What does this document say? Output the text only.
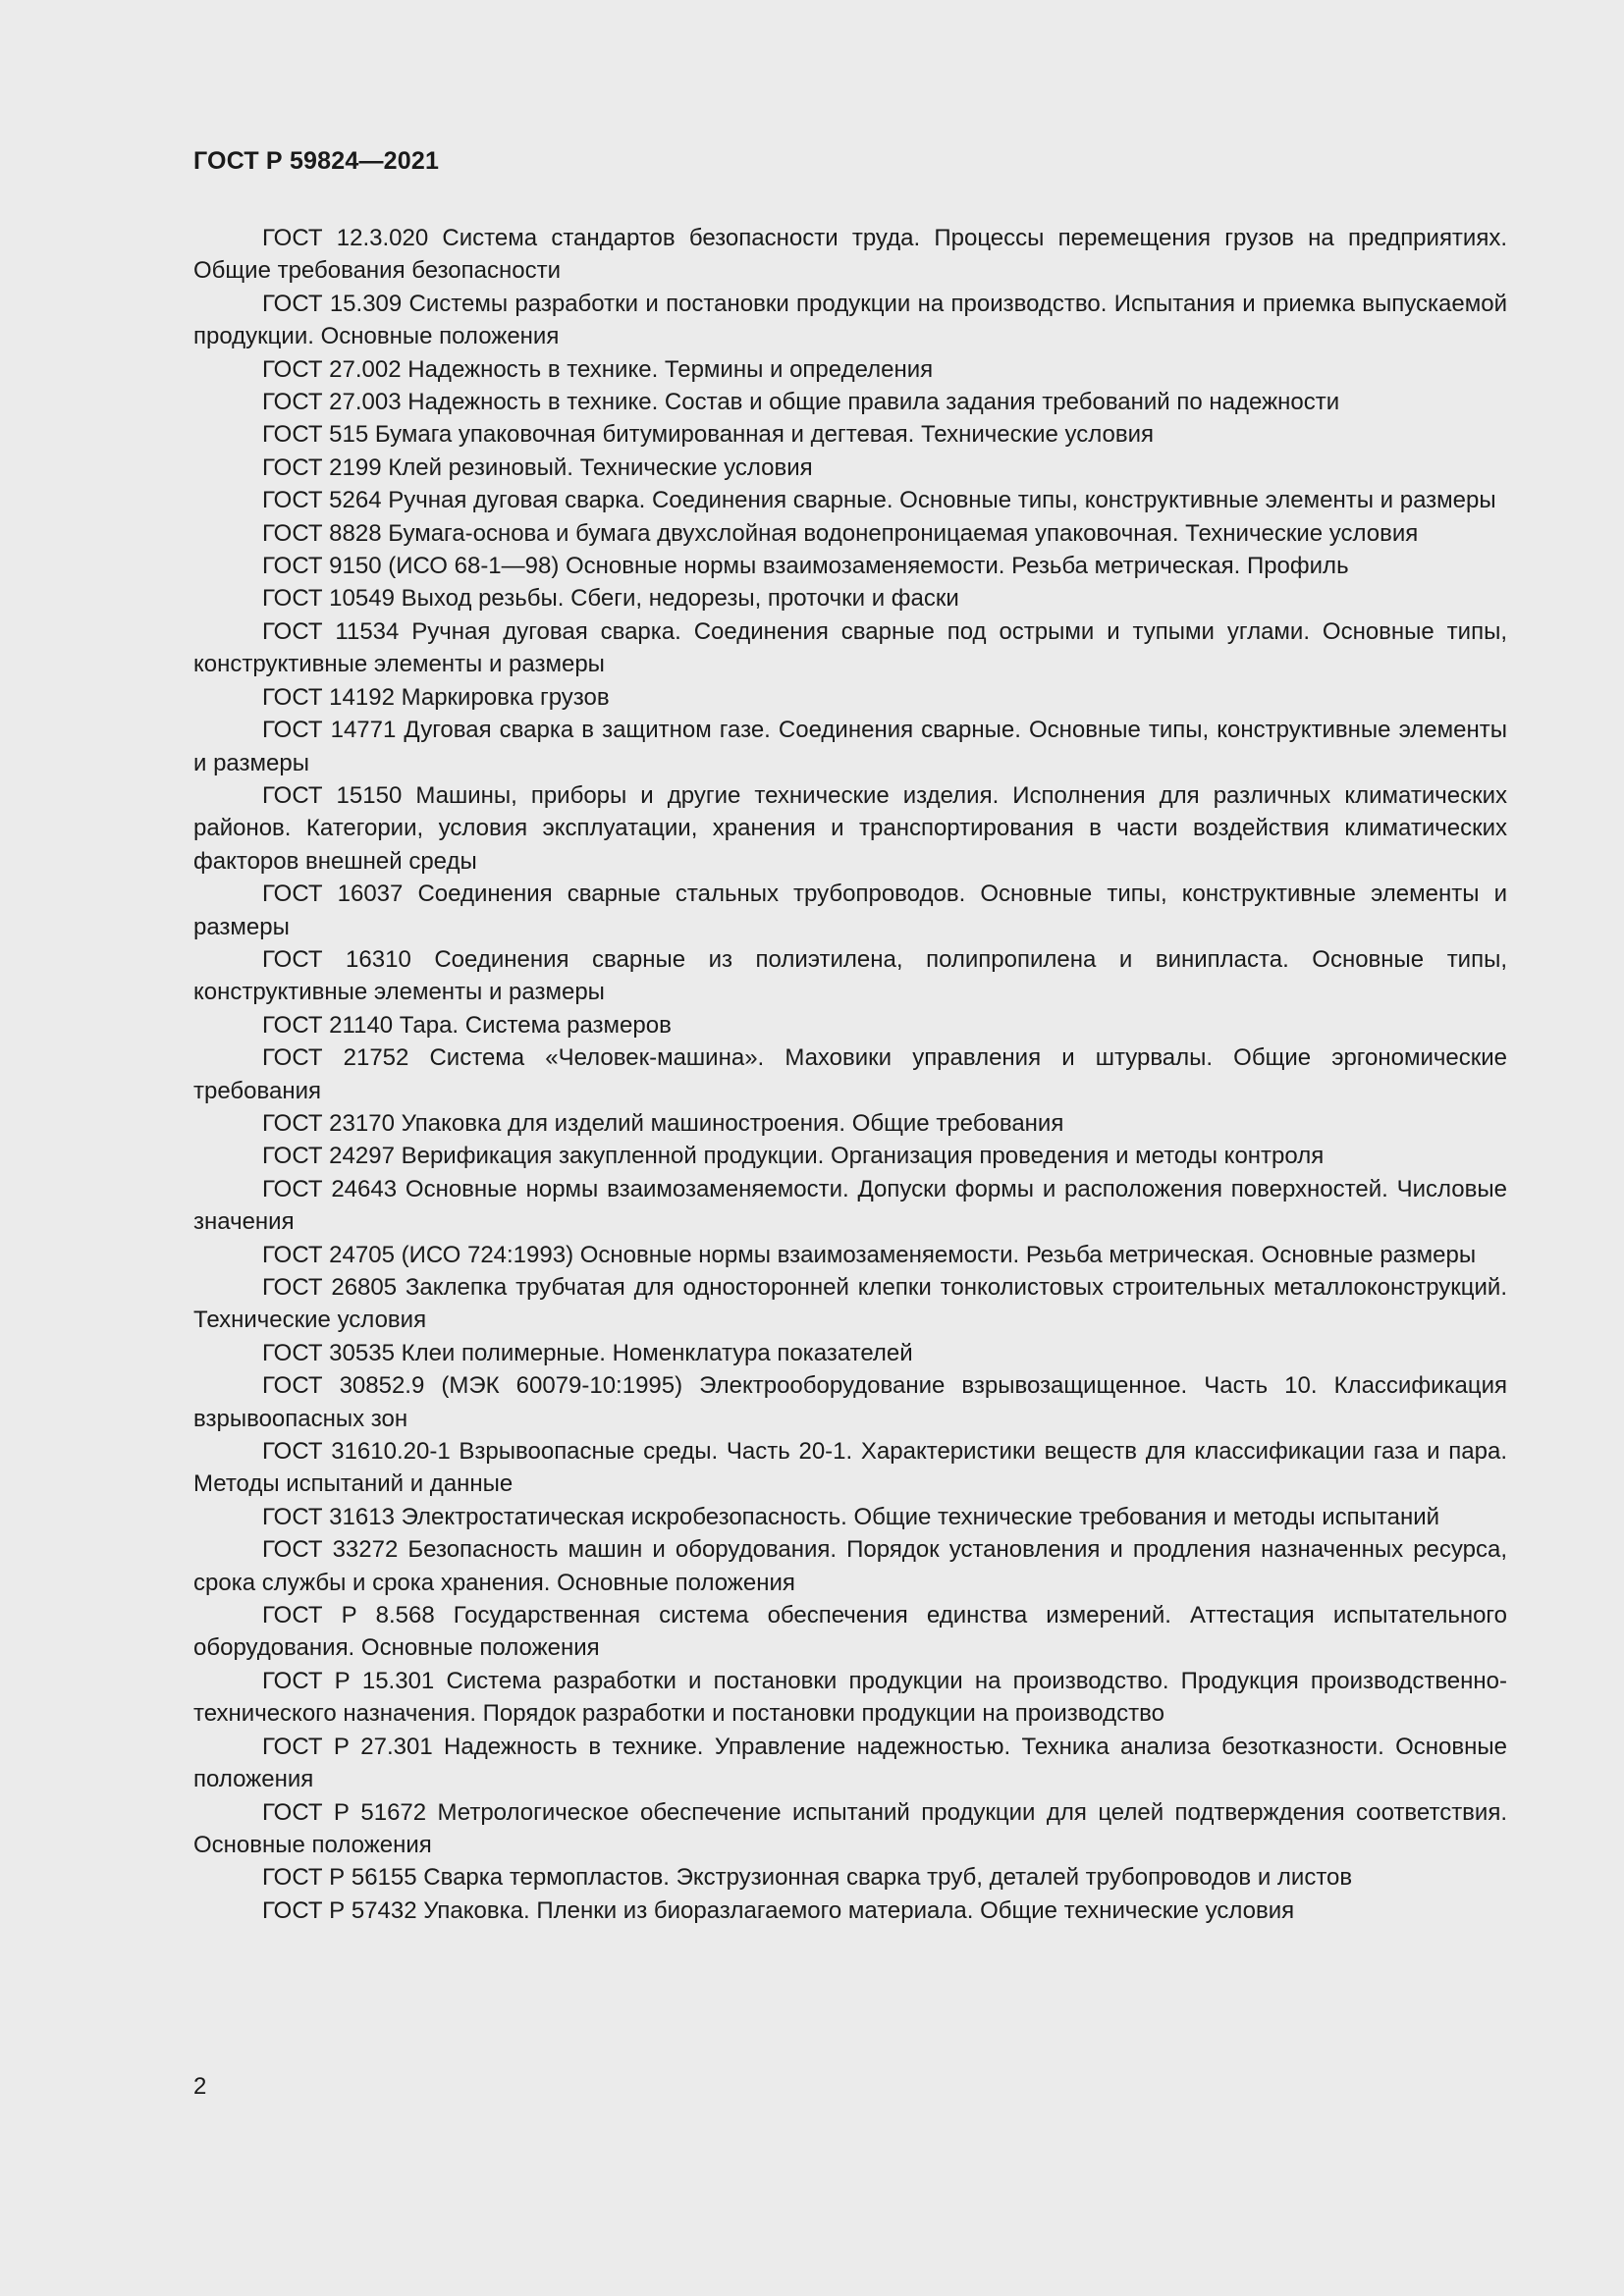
ГОСТ Р 59824—2021

ГОСТ 12.3.020 Система стандартов безопасности труда. Процессы перемещения грузов на предприятиях. Общие требования безопасности

ГОСТ 15.309 Системы разработки и постановки продукции на производство. Испытания и приемка выпускаемой продукции. Основные положения

ГОСТ 27.002 Надежность в технике. Термины и определения

ГОСТ 27.003 Надежность в технике. Состав и общие правила задания требований по надежности

ГОСТ 515 Бумага упаковочная битумированная и дегтевая. Технические условия

ГОСТ 2199 Клей резиновый. Технические условия

ГОСТ 5264 Ручная дуговая сварка. Соединения сварные. Основные типы, конструктивные элементы и размеры

ГОСТ 8828 Бумага-основа и бумага двухслойная водонепроницаемая упаковочная. Технические условия

ГОСТ 9150 (ИСО 68-1—98) Основные нормы взаимозаменяемости. Резьба метрическая. Профиль

ГОСТ 10549 Выход резьбы. Сбеги, недорезы, проточки и фаски

ГОСТ 11534 Ручная дуговая сварка. Соединения сварные под острыми и тупыми углами. Основные типы, конструктивные элементы и размеры

ГОСТ 14192 Маркировка грузов

ГОСТ 14771 Дуговая сварка в защитном газе. Соединения сварные. Основные типы, конструктивные элементы и размеры

ГОСТ 15150 Машины, приборы и другие технические изделия. Исполнения для различных климатических районов. Категории, условия эксплуатации, хранения и транспортирования в части воздействия климатических факторов внешней среды

ГОСТ 16037 Соединения сварные стальных трубопроводов. Основные типы, конструктивные элементы и размеры

ГОСТ 16310 Соединения сварные из полиэтилена, полипропилена и винипласта. Основные типы, конструктивные элементы и размеры

ГОСТ 21140 Тара. Система размеров

ГОСТ 21752 Система «Человек-машина». Маховики управления и штурвалы. Общие эргономические требования

ГОСТ 23170 Упаковка для изделий машиностроения. Общие требования

ГОСТ 24297 Верификация закупленной продукции. Организация проведения и методы контроля

ГОСТ 24643 Основные нормы взаимозаменяемости. Допуски формы и расположения поверхностей. Числовые значения

ГОСТ 24705 (ИСО 724:1993) Основные нормы взаимозаменяемости. Резьба метрическая. Основные размеры

ГОСТ 26805 Заклепка трубчатая для односторонней клепки тонколистовых строительных металлоконструкций. Технические условия

ГОСТ 30535 Клеи полимерные. Номенклатура показателей

ГОСТ 30852.9 (МЭК 60079-10:1995) Электрооборудование взрывозащищенное. Часть 10. Классификация взрывоопасных зон

ГОСТ 31610.20-1 Взрывоопасные среды. Часть 20-1. Характеристики веществ для классификации газа и пара. Методы испытаний и данные

ГОСТ 31613 Электростатическая искробезопасность. Общие технические требования и методы испытаний

ГОСТ 33272 Безопасность машин и оборудования. Порядок установления и продления назначенных ресурса, срока службы и срока хранения. Основные положения

ГОСТ Р 8.568 Государственная система обеспечения единства измерений. Аттестация испытательного оборудования. Основные положения

ГОСТ Р 15.301 Система разработки и постановки продукции на производство. Продукция производственно-технического назначения. Порядок разработки и постановки продукции на производство

ГОСТ Р 27.301 Надежность в технике. Управление надежностью. Техника анализа безотказности. Основные положения

ГОСТ Р 51672 Метрологическое обеспечение испытаний продукции для целей подтверждения соответствия. Основные положения

ГОСТ Р 56155 Сварка термопластов. Экструзионная сварка труб, деталей трубопроводов и листов

ГОСТ Р 57432 Упаковка. Пленки из биоразлагаемого материала. Общие технические условия

2
